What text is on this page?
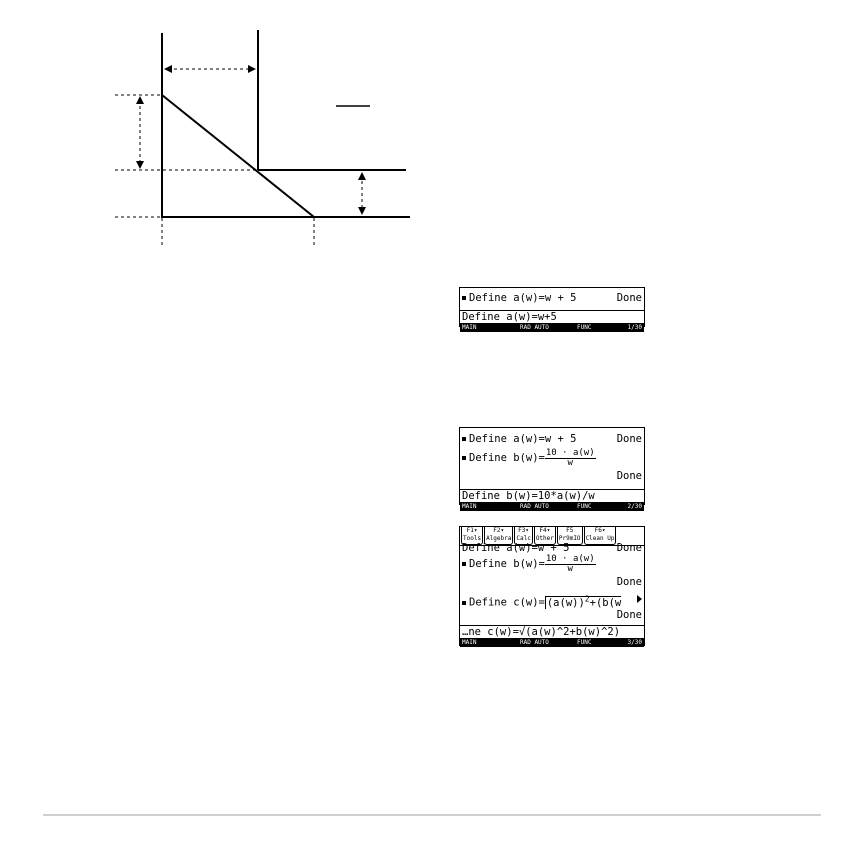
Define a(w)=w + 5	Done
Define a(w)=w+5
MAIN	RAD AUTO	FUNC	1/30
Define a(w)=w + 5	Done
Define $b(w)= \frac{10 \cdot a(w)}{w}$
Done
Define b(w)=10*a(w)/w
MAIN	RAD AUTO	FUNC	2/30
F1▾
Tools
F2▾
Algebra
F3▾
Calc
F4▾
Other
F5
Pr9mIO
F6▾
Clean Up
Define a(w)=w + 5	Done
Define $b(w)= \frac{10 \cdot a(w)}{w}$
Done
Define $c(w)= (a(w))^2+(b(w$
Done
…ne c(w)=√(a(w)^2+b(w)^2)
MAIN	RAD AUTO	FUNC	3/30
